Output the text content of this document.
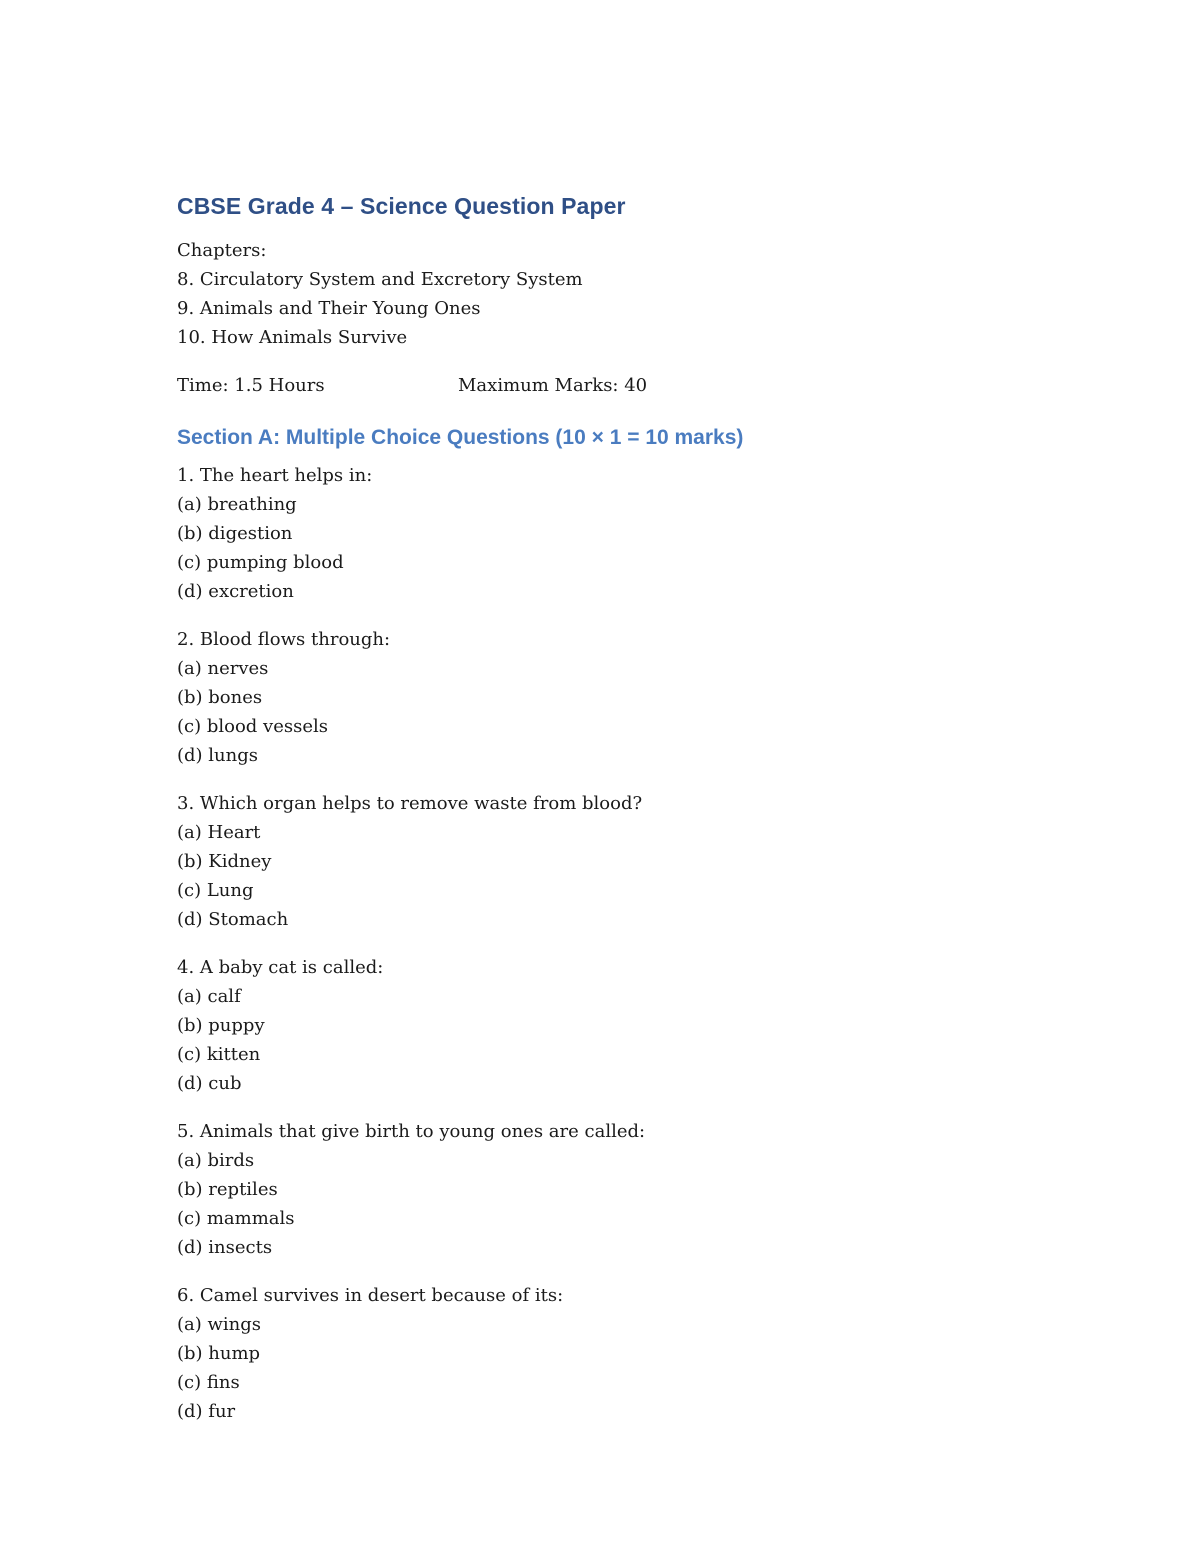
CBSE Grade 4 – Science Question Paper
Chapters:
8. Circulatory System and Excretory System
9. Animals and Their Young Ones
10. How Animals Survive
Time: 1.5 Hours	Maximum Marks: 40
Section A: Multiple Choice Questions (10 × 1 = 10 marks)
1. The heart helps in:
(a) breathing
(b) digestion
(c) pumping blood
(d) excretion
2. Blood flows through:
(a) nerves
(b) bones
(c) blood vessels
(d) lungs
3. Which organ helps to remove waste from blood?
(a) Heart
(b) Kidney
(c) Lung
(d) Stomach
4. A baby cat is called:
(a) calf
(b) puppy
(c) kitten
(d) cub
5. Animals that give birth to young ones are called:
(a) birds
(b) reptiles
(c) mammals
(d) insects
6. Camel survives in desert because of its:
(a) wings
(b) hump
(c) fins
(d) fur
